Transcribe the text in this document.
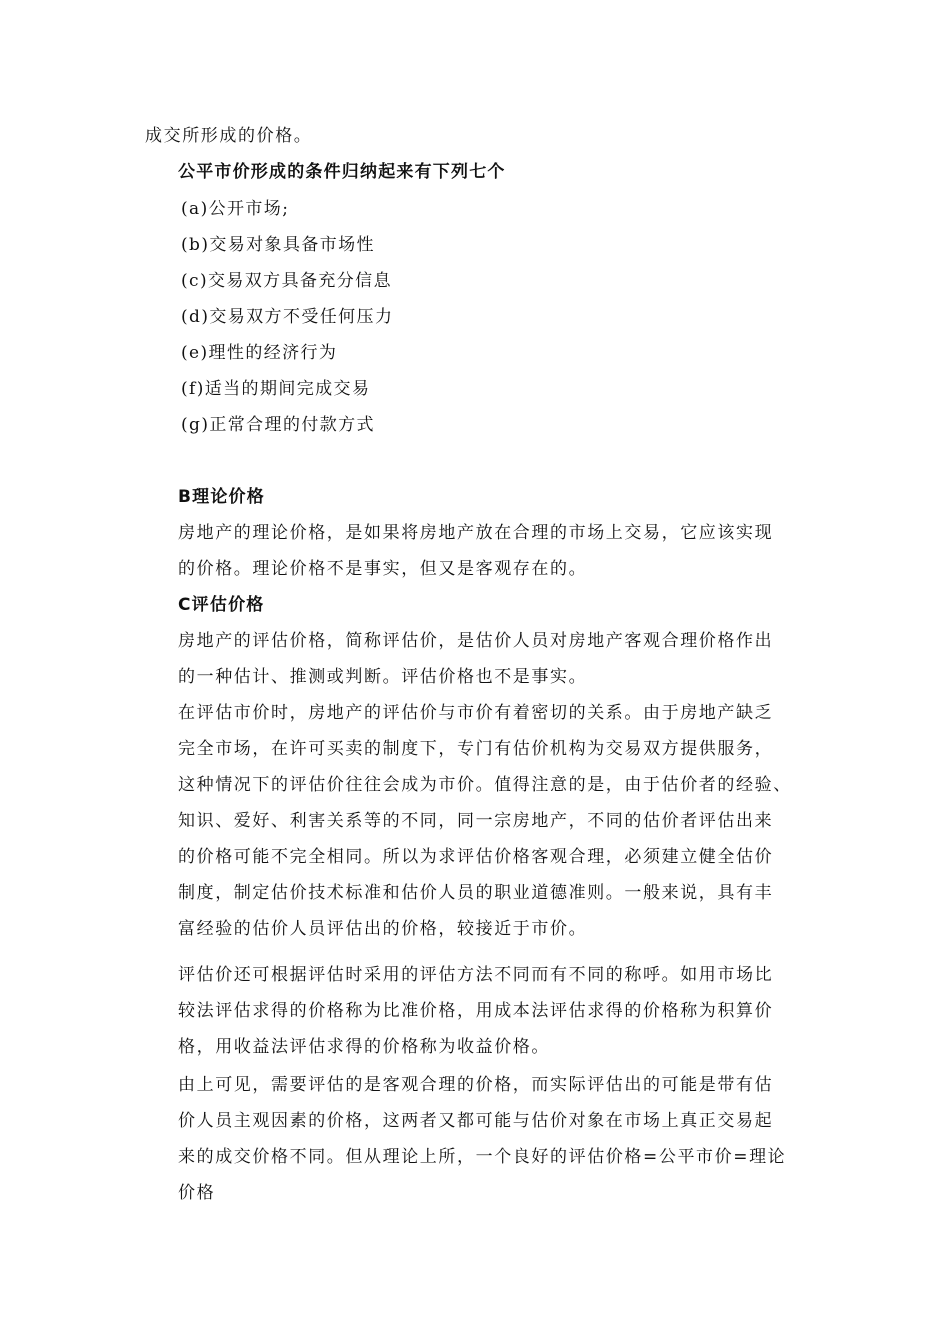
成交所形成的价格。
公平市价形成的条件归纳起来有下列七个
(a)公开市场;
(b)交易对象具备市场性
(c)交易双方具备充分信息
(d)交易双方不受任何压力
(e)理性的经济行为
(f)适当的期间完成交易
(g)正常合理的付款方式
B理论价格
房地产的理论价格，是如果将房地产放在合理的市场上交易，它应该实现
的价格。理论价格不是事实，但又是客观存在的。
C评估价格
房地产的评估价格，简称评估价，是估价人员对房地产客观合理价格作出
的一种估计、推测或判断。评估价格也不是事实。
在评估市价时，房地产的评估价与市价有着密切的关系。由于房地产缺乏
完全市场，在许可买卖的制度下，专门有估价机构为交易双方提供服务，
这种情况下的评估价往往会成为市价。值得注意的是，由于估价者的经验、
知识、爱好、利害关系等的不同，同一宗房地产，不同的估价者评估出来
的价格可能不完全相同。所以为求评估价格客观合理，必须建立健全估价
制度，制定估价技术标准和估价人员的职业道德准则。一般来说，具有丰
富经验的估价人员评估出的价格，较接近于市价。
评估价还可根据评估时采用的评估方法不同而有不同的称呼。如用市场比
较法评估求得的价格称为比准价格，用成本法评估求得的价格称为积算价
格，用收益法评估求得的价格称为收益价格。
由上可见，需要评估的是客观合理的价格，而实际评估出的可能是带有估
价人员主观因素的价格，这两者又都可能与估价对象在市场上真正交易起
来的成交价格不同。但从理论上所，一个良好的评估价格=公平市价=理论
价格
